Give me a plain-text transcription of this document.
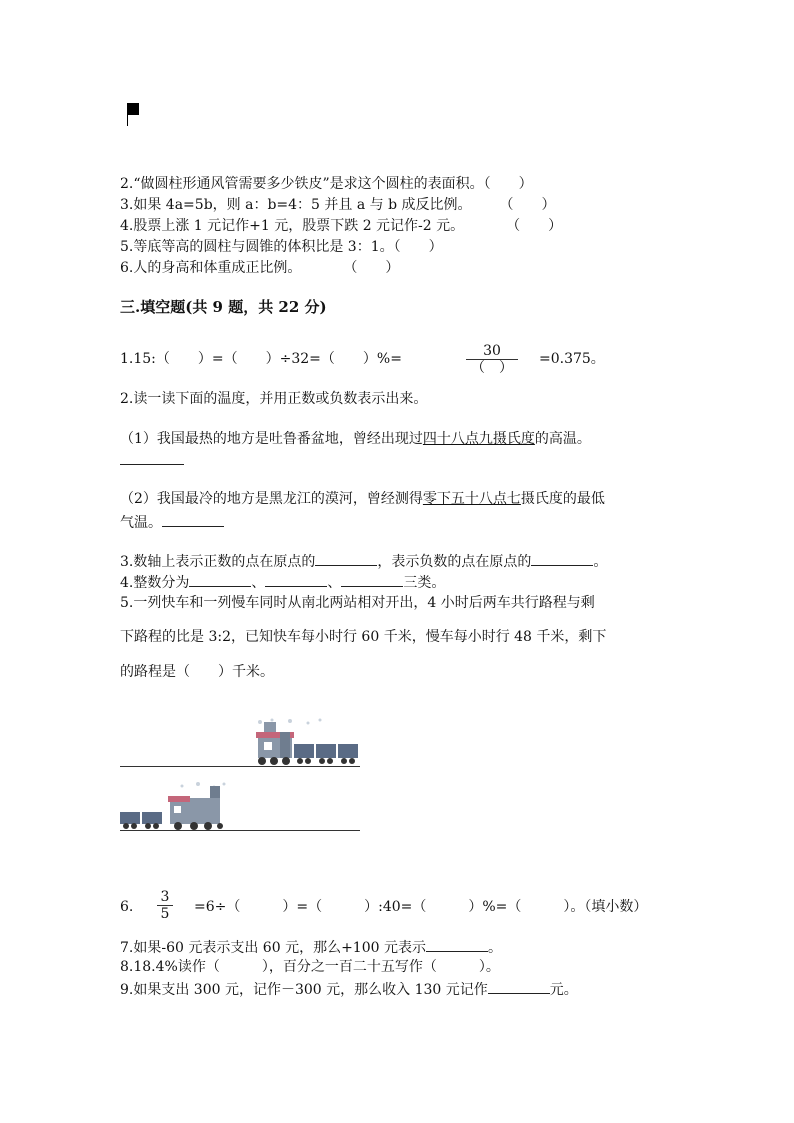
2.“做圆柱形通风管需要多少铁皮”是求这个圆柱的表面积。（　　）
3.如果 4a=5b，则 a：b=4：5 并且 a 与 b 成反比例。　　　（　　）
4.股票上涨 1 元记作+1 元，股票下跌 2 元记作-2 元。　　　　（　　）
5.等底等高的圆柱与圆锥的体积比是 3：1。（　　）
6.人的身高和体重成正比例。　　　　（　　）
三.填空题(共 9 题，共 22 分)
1.15:（　　）=（　　）÷32=（　　）%=	30
（　）
=0.375。
2.读一读下面的温度，并用正数或负数表示出来。
（1）我国最热的地方是吐鲁番盆地，曾经出现过四十八点九摄氏度的高温。
（2）我国最冷的地方是黑龙江的漠河，曾经测得零下五十八点七摄氏度的最低
气温。
3.数轴上表示正数的点在原点的	，表示负数的点在原点的	。
4.整数分为	、	、	三类。
5.一列快车和一列慢车同时从南北两站相对开出，4 小时后两车共行路程与剩
下路程的比是 3:2，已知快车每小时行 60 千米，慢车每小时行 48 千米，剩下
的路程是（　　）千米。
6.
3
5 =6÷（　　　）=（　　　）:40=（　　　）%=（　　　）。（填小数）
7.如果-60 元表示支出 60 元，那么+100 元表示	。
8.18.4%读作（　　　），百分之一百二十五写作（　　　）。
9.如果支出 300 元，记作－300 元，那么收入 130 元记作	元。
